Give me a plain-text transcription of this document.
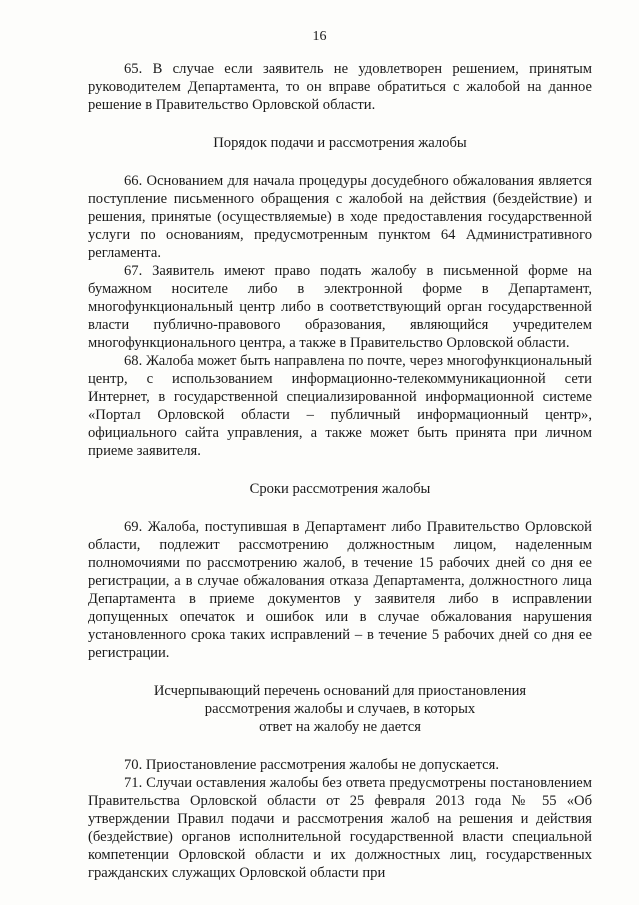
16

65. В случае если заявитель не удовлетворен решением, принятым руководителем Департамента, то он вправе обратиться с жалобой на данное решение в Правительство Орловской области.

Порядок подачи и рассмотрения жалобы

66. Основанием для начала процедуры досудебного обжалования является поступление письменного обращения с жалобой на действия (бездействие) и решения, принятые (осуществляемые) в ходе предоставления государственной услуги по основаниям, предусмотренным пунктом 64 Административного регламента.

67. Заявитель имеют право подать жалобу в письменной форме на бумажном носителе либо в электронной форме в Департамент, многофункциональный центр либо в соответствующий орган государственной власти публично-правового образования, являющийся учредителем многофункционального центра, а также в Правительство Орловской области.

68. Жалоба может быть направлена по почте, через многофункциональный центр, с использованием информационно-телекоммуникационной сети Интернет, в государственной специализированной информационной системе «Портал Орловской области – публичный информационный центр», официального сайта управления, а также может быть принята при личном приеме заявителя.

Сроки рассмотрения жалобы

69. Жалоба, поступившая в Департамент либо Правительство Орловской области, подлежит рассмотрению должностным лицом, наделенным полномочиями по рассмотрению жалоб, в течение 15 рабочих дней со дня ее регистрации, а в случае обжалования отказа Департамента, должностного лица Департамента в приеме документов у заявителя либо в исправлении допущенных опечаток и ошибок или в случае обжалования нарушения установленного срока таких исправлений – в течение 5 рабочих дней со дня ее регистрации.

Исчерпывающий перечень оснований для приостановления
рассмотрения жалобы и случаев, в которых
ответ на жалобу не дается

70. Приостановление рассмотрения жалобы не допускается.

71. Случаи оставления жалобы без ответа предусмотрены постановлением Правительства Орловской области от 25 февраля 2013 года № 55 «Об утверждении Правил подачи и рассмотрения жалоб на решения и действия (бездействие) органов исполнительной государственной власти специальной компетенции Орловской области и их должностных лиц, государственных гражданских служащих Орловской области при
